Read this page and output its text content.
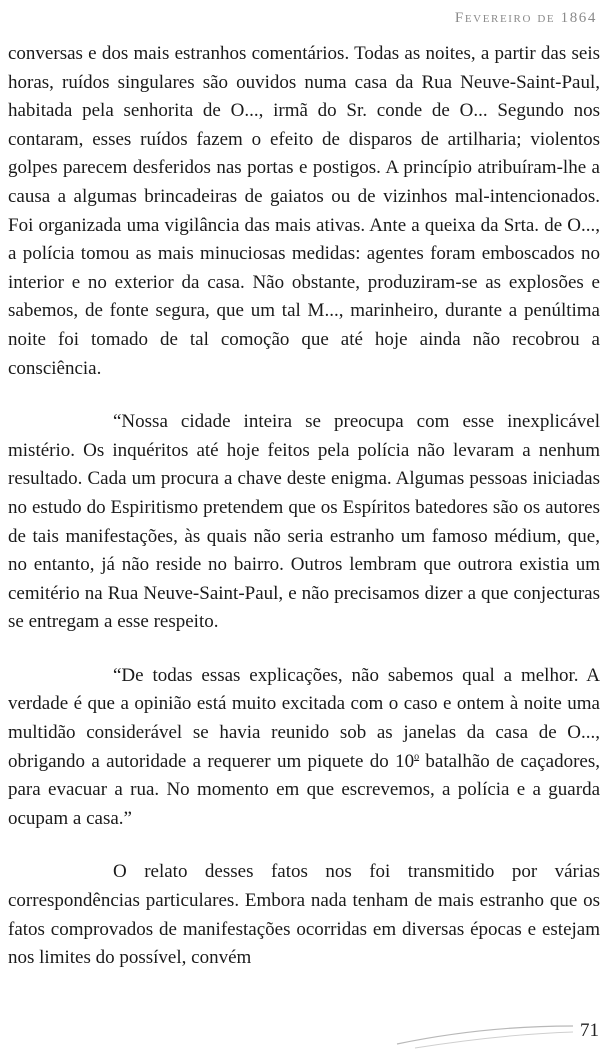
Fevereiro de 1864

conversas e dos mais estranhos comentários. Todas as noites, a partir das seis horas, ruídos singulares são ouvidos numa casa da Rua Neuve-Saint-Paul, habitada pela senhorita de O..., irmã do Sr. conde de O... Segundo nos contaram, esses ruídos fazem o efeito de disparos de artilharia; violentos golpes parecem desferidos nas portas e postigos. A princípio atribuíram-lhe a causa a algumas brincadeiras de gaiatos ou de vizinhos mal-intencionados. Foi organizada uma vigilância das mais ativas. Ante a queixa da Srta. de O..., a polícia tomou as mais minuciosas medidas: agentes foram emboscados no interior e no exterior da casa. Não obstante, produziram-se as explosões e sabemos, de fonte segura, que um tal M..., marinheiro, durante a penúltima noite foi tomado de tal comoção que até hoje ainda não recobrou a consciência.

“Nossa cidade inteira se preocupa com esse inexplicável mistério. Os inquéritos até hoje feitos pela polícia não levaram a nenhum resultado. Cada um procura a chave deste enigma. Algumas pessoas iniciadas no estudo do Espiritismo pretendem que os Espíritos batedores são os autores de tais manifestações, às quais não seria estranho um famoso médium, que, no entanto, já não reside no bairro. Outros lembram que outrora existia um cemitério na Rua Neuve-Saint-Paul, e não precisamos dizer a que conjecturas se entregam a esse respeito.

“De todas essas explicações, não sabemos qual a melhor. A verdade é que a opinião está muito excitada com o caso e ontem à noite uma multidão considerável se havia reunido sob as janelas da casa de O..., obrigando a autoridade a requerer um piquete do 10$^o$ batalhão de caçadores, para evacuar a rua. No momento em que escrevemos, a polícia e a guarda ocupam a casa.”

O relato desses fatos nos foi transmitido por várias correspondências particulares. Embora nada tenham de mais estranho que os fatos comprovados de manifestações ocorridas em diversas épocas e estejam nos limites do possível, convém

71
